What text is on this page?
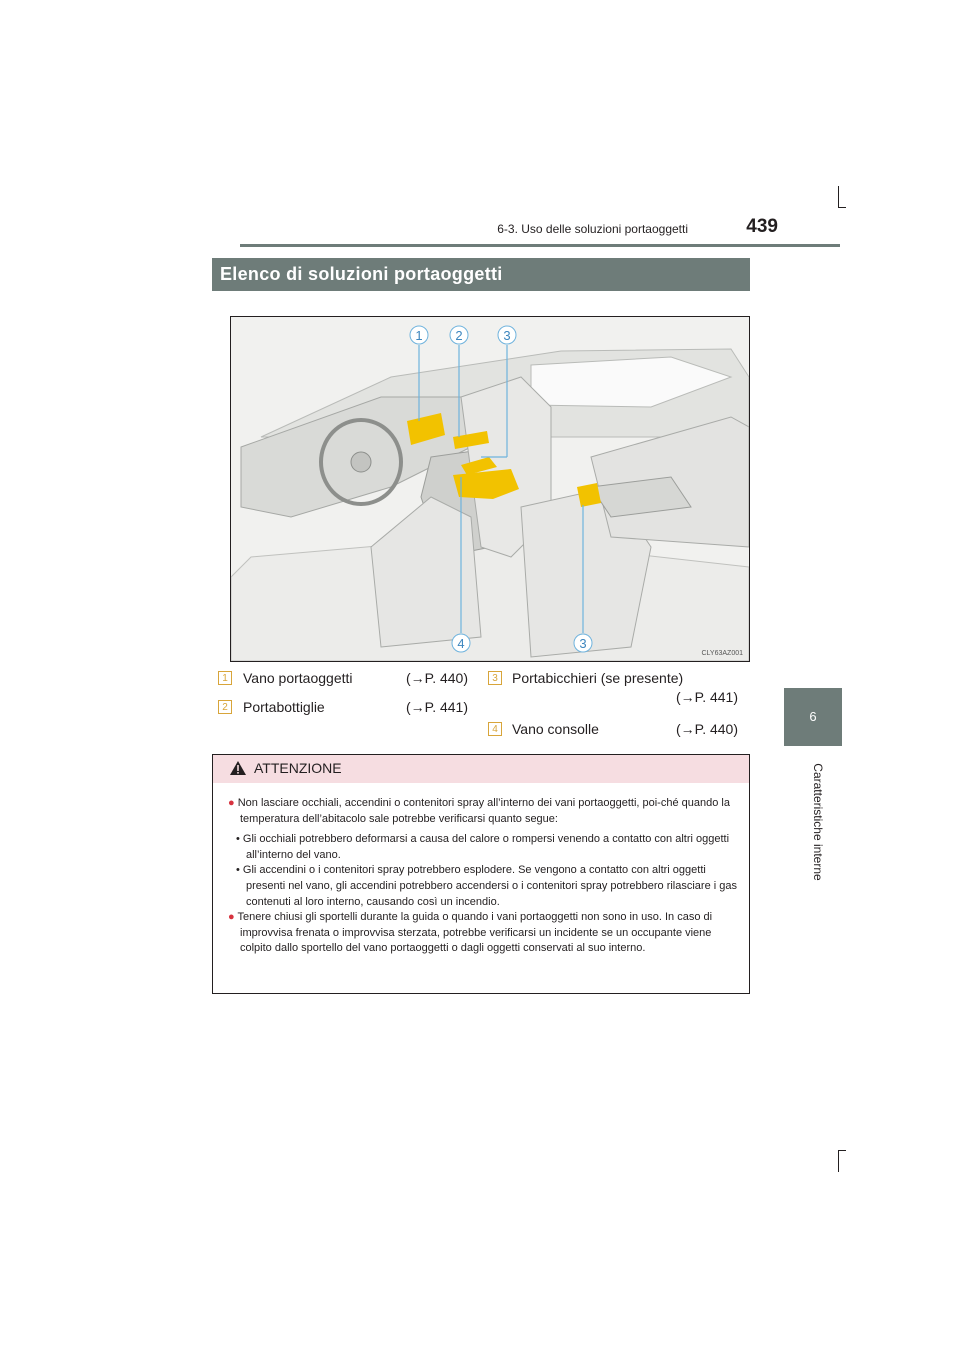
6-3. Uso delle soluzioni portaoggetti	439
6
Caratteristiche interne
Elenco di soluzioni portaoggetti
1	2	3
4	3
CLY63AZ001
1	Vano portaoggetti	(→P. 440)
2	Portabottiglie	(→P. 441)
3	Portabicchieri (se presente)
(→P. 441)
4	Vano consolle	(→P. 440)
ATTENZIONE

● Non lasciare occhiali, accendini o contenitori spray all’interno dei vani portaoggetti, poi-ché quando la temperatura dell’abitacolo sale potrebbe verificarsi quanto segue:

• Gli occhiali potrebbero deformarsi a causa del calore o rompersi venendo a contatto con altri oggetti all’interno del vano.

• Gli accendini o i contenitori spray potrebbero esplodere. Se vengono a contatto con altri oggetti presenti nel vano, gli accendini potrebbero accendersi o i contenitori spray potrebbero rilasciare i gas contenuti al loro interno, causando così un incendio.

● Tenere chiusi gli sportelli durante la guida o quando i vani portaoggetti non sono in uso. In caso di improvvisa frenata o improvvisa sterzata, potrebbe verificarsi un incidente se un occupante viene colpito dallo sportello del vano portaoggetti o dagli oggetti conservati al suo interno.
